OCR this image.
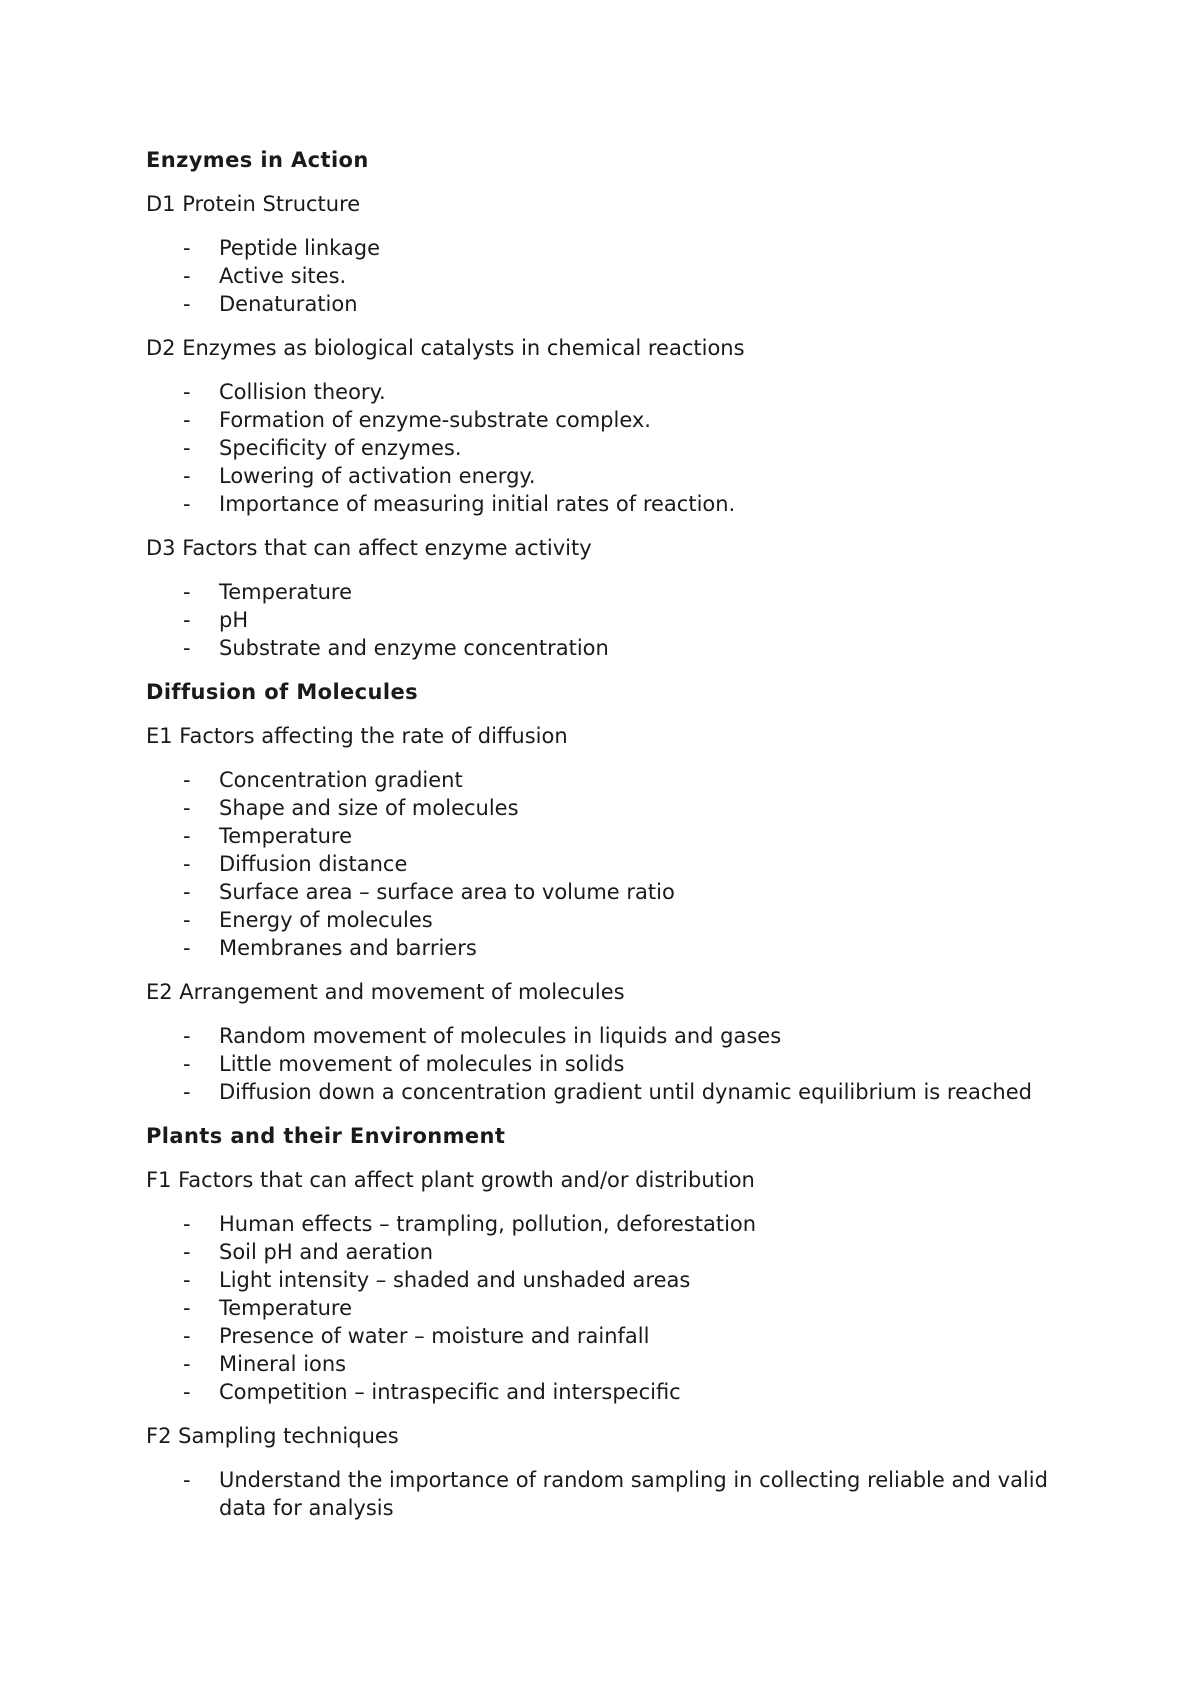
Enzymes in Action
D1 Protein Structure
- Peptide linkage
- Active sites.
- Denaturation
D2 Enzymes as biological catalysts in chemical reactions
- Collision theory.
- Formation of enzyme-substrate complex.
- Specificity of enzymes.
- Lowering of activation energy.
- Importance of measuring initial rates of reaction.
D3 Factors that can affect enzyme activity
- Temperature
- pH
- Substrate and enzyme concentration
Diffusion of Molecules
E1 Factors affecting the rate of diffusion
- Concentration gradient
- Shape and size of molecules
- Temperature
- Diffusion distance
- Surface area – surface area to volume ratio
- Energy of molecules
- Membranes and barriers
E2 Arrangement and movement of molecules
- Random movement of molecules in liquids and gases
- Little movement of molecules in solids
- Diffusion down a concentration gradient until dynamic equilibrium is reached
Plants and their Environment
F1 Factors that can affect plant growth and/or distribution
- Human effects – trampling, pollution, deforestation
- Soil pH and aeration
- Light intensity – shaded and unshaded areas
- Temperature
- Presence of water – moisture and rainfall
- Mineral ions
- Competition – intraspecific and interspecific
F2 Sampling techniques
- Understand the importance of random sampling in collecting reliable and valid data for analysis
